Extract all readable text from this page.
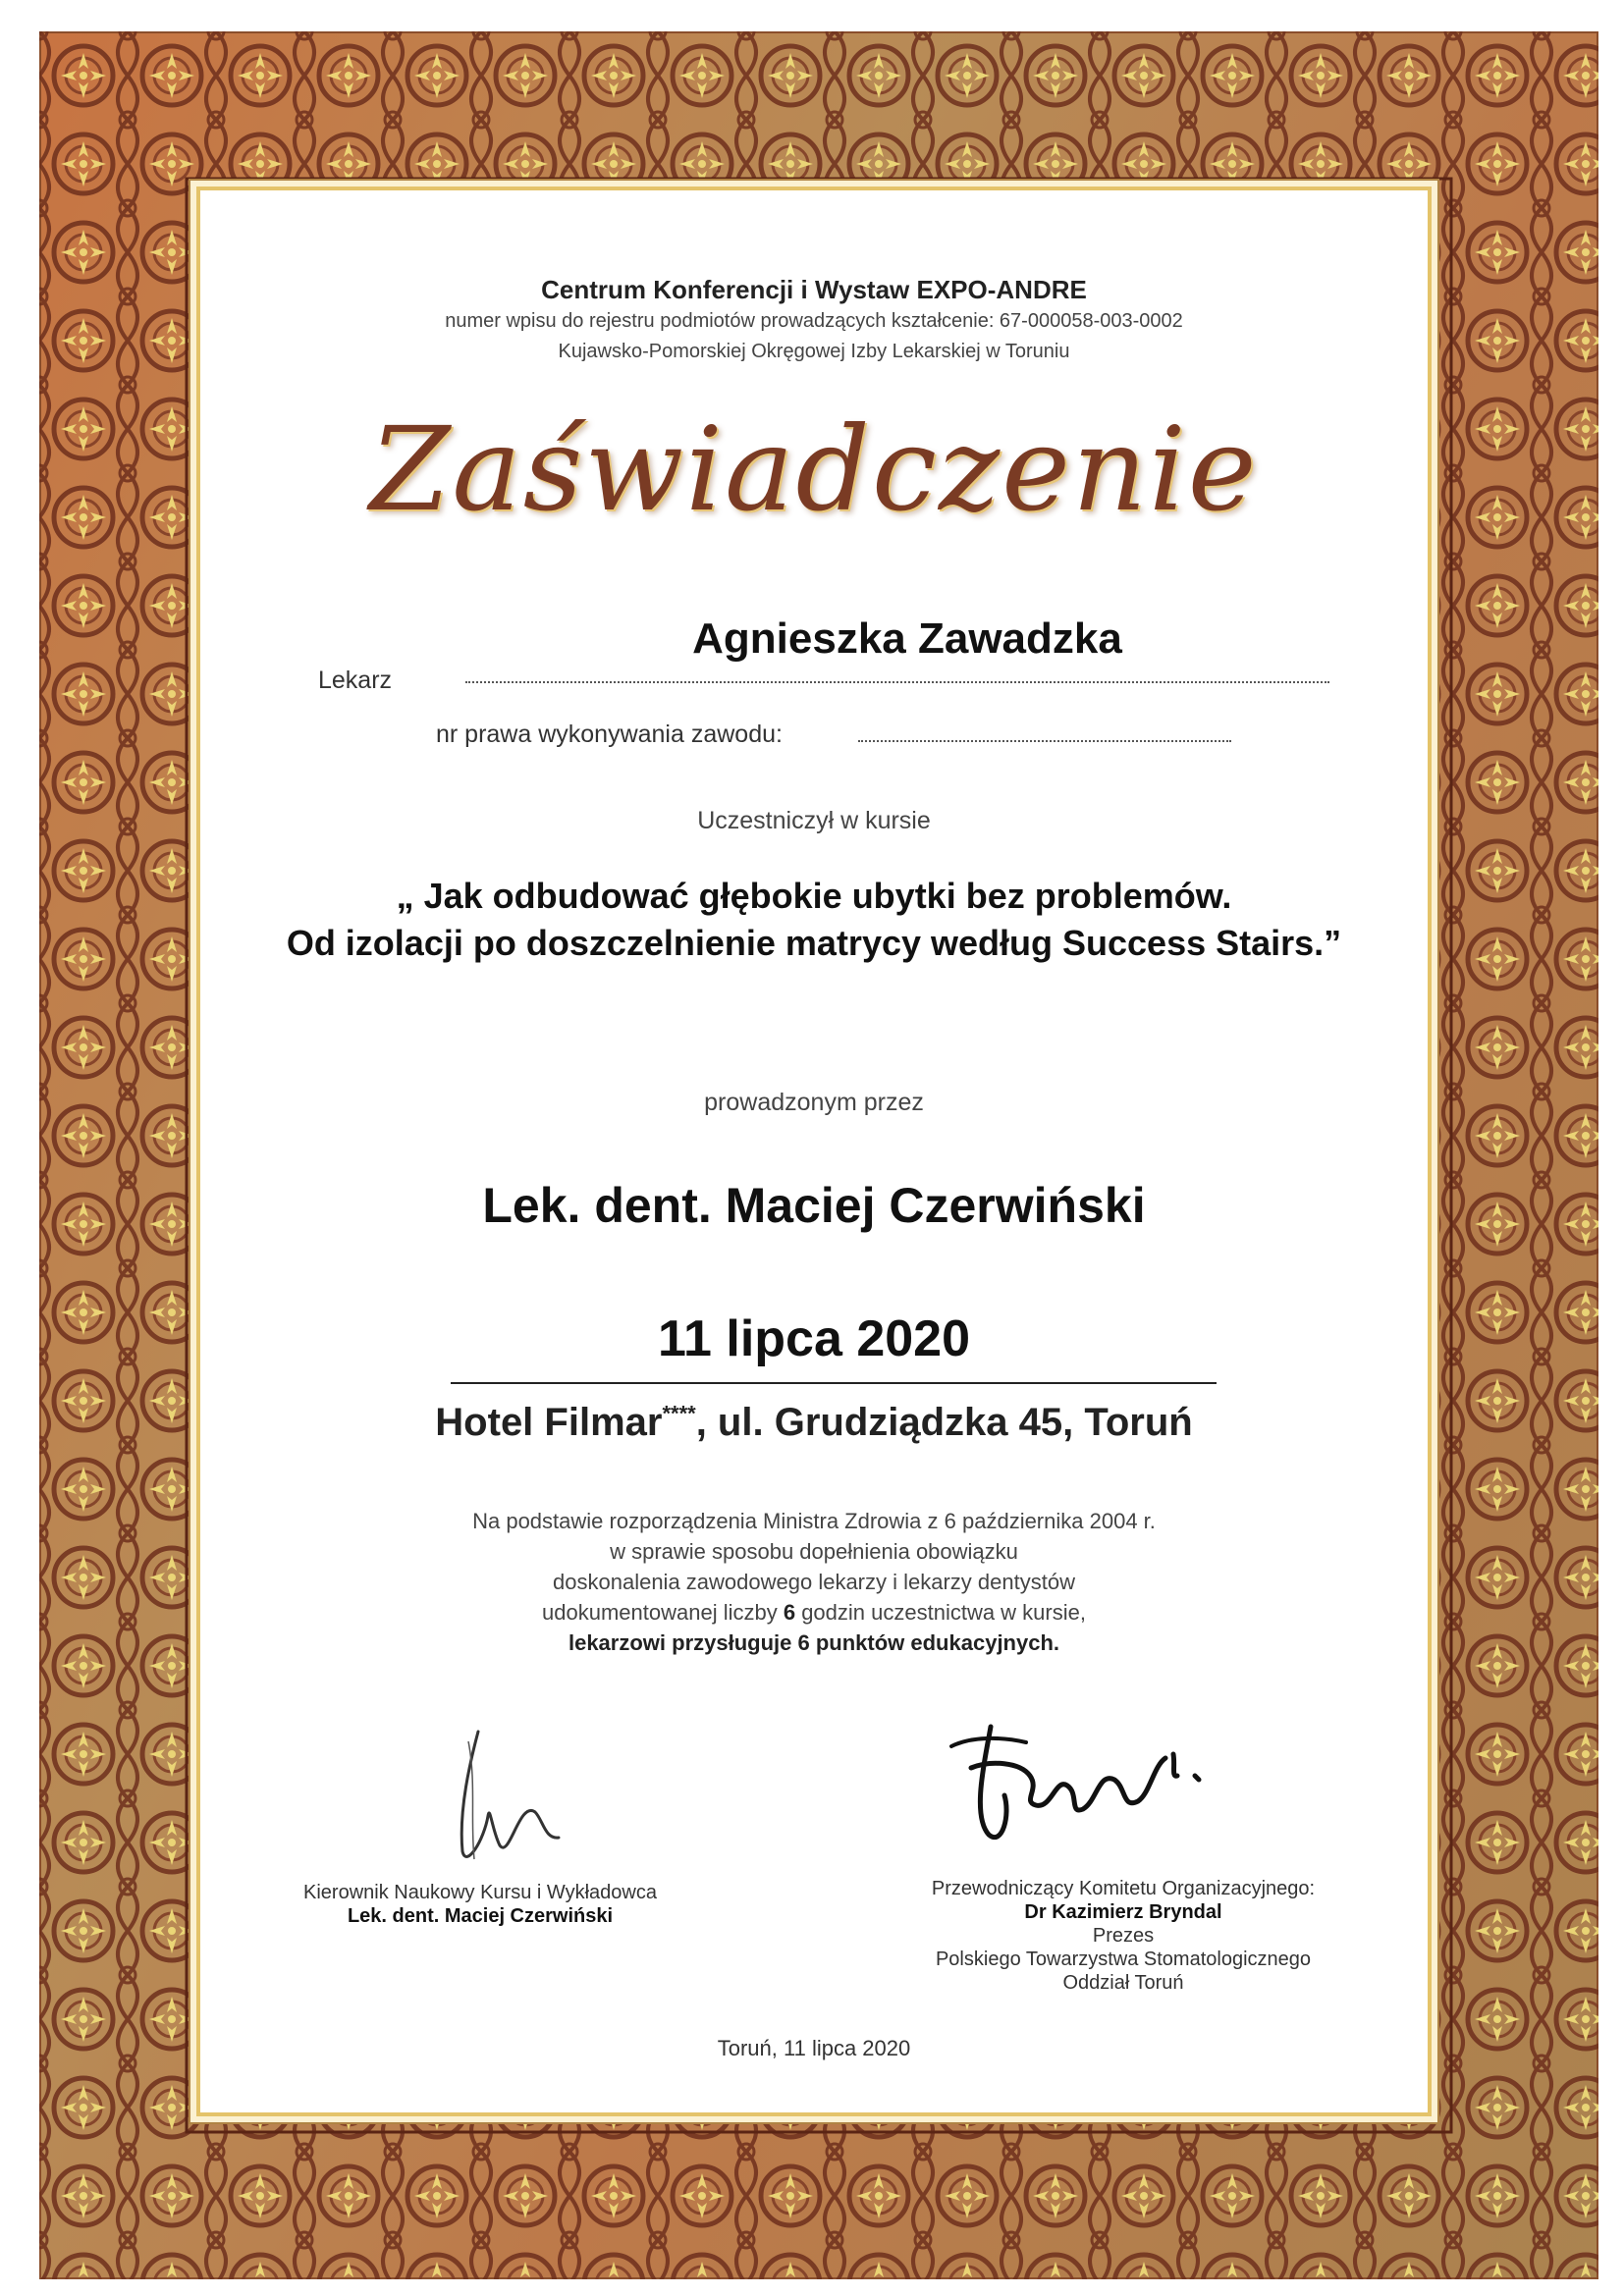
Centrum Konferencji i Wystaw EXPO-ANDRE
numer wpisu do rejestru podmiotów prowadzących kształcenie: 67-000058-003-0002
Kujawsko-Pomorskiej Okręgowej Izby Lekarskiej w Toruniu
Zaświadczenie
Lekarz
Agnieszka Zawadzka
nr prawa wykonywania zawodu:
Uczestniczył w kursie
„ Jak odbudować głębokie ubytki bez problemów.
Od izolacji po doszczelnienie matrycy według Success Stairs.”
prowadzonym przez
Lek. dent. Maciej Czerwiński
11 lipca 2020
Hotel Filmar****, ul. Grudziądzka 45, Toruń
Na podstawie rozporządzenia Ministra Zdrowia z 6 października 2004 r.
w sprawie sposobu dopełnienia obowiązku
doskonalenia zawodowego lekarzy i lekarzy dentystów
udokumentowanej liczby 6 godzin uczestnictwa w kursie,
lekarzowi przysługuje 6 punktów edukacyjnych.
Kierownik Naukowy Kursu i Wykładowca
Lek. dent. Maciej Czerwiński
Przewodniczący Komitetu Organizacyjnego:
Dr Kazimierz Bryndal
Prezes
Polskiego Towarzystwa Stomatologicznego
Oddział Toruń
Toruń, 11 lipca 2020
